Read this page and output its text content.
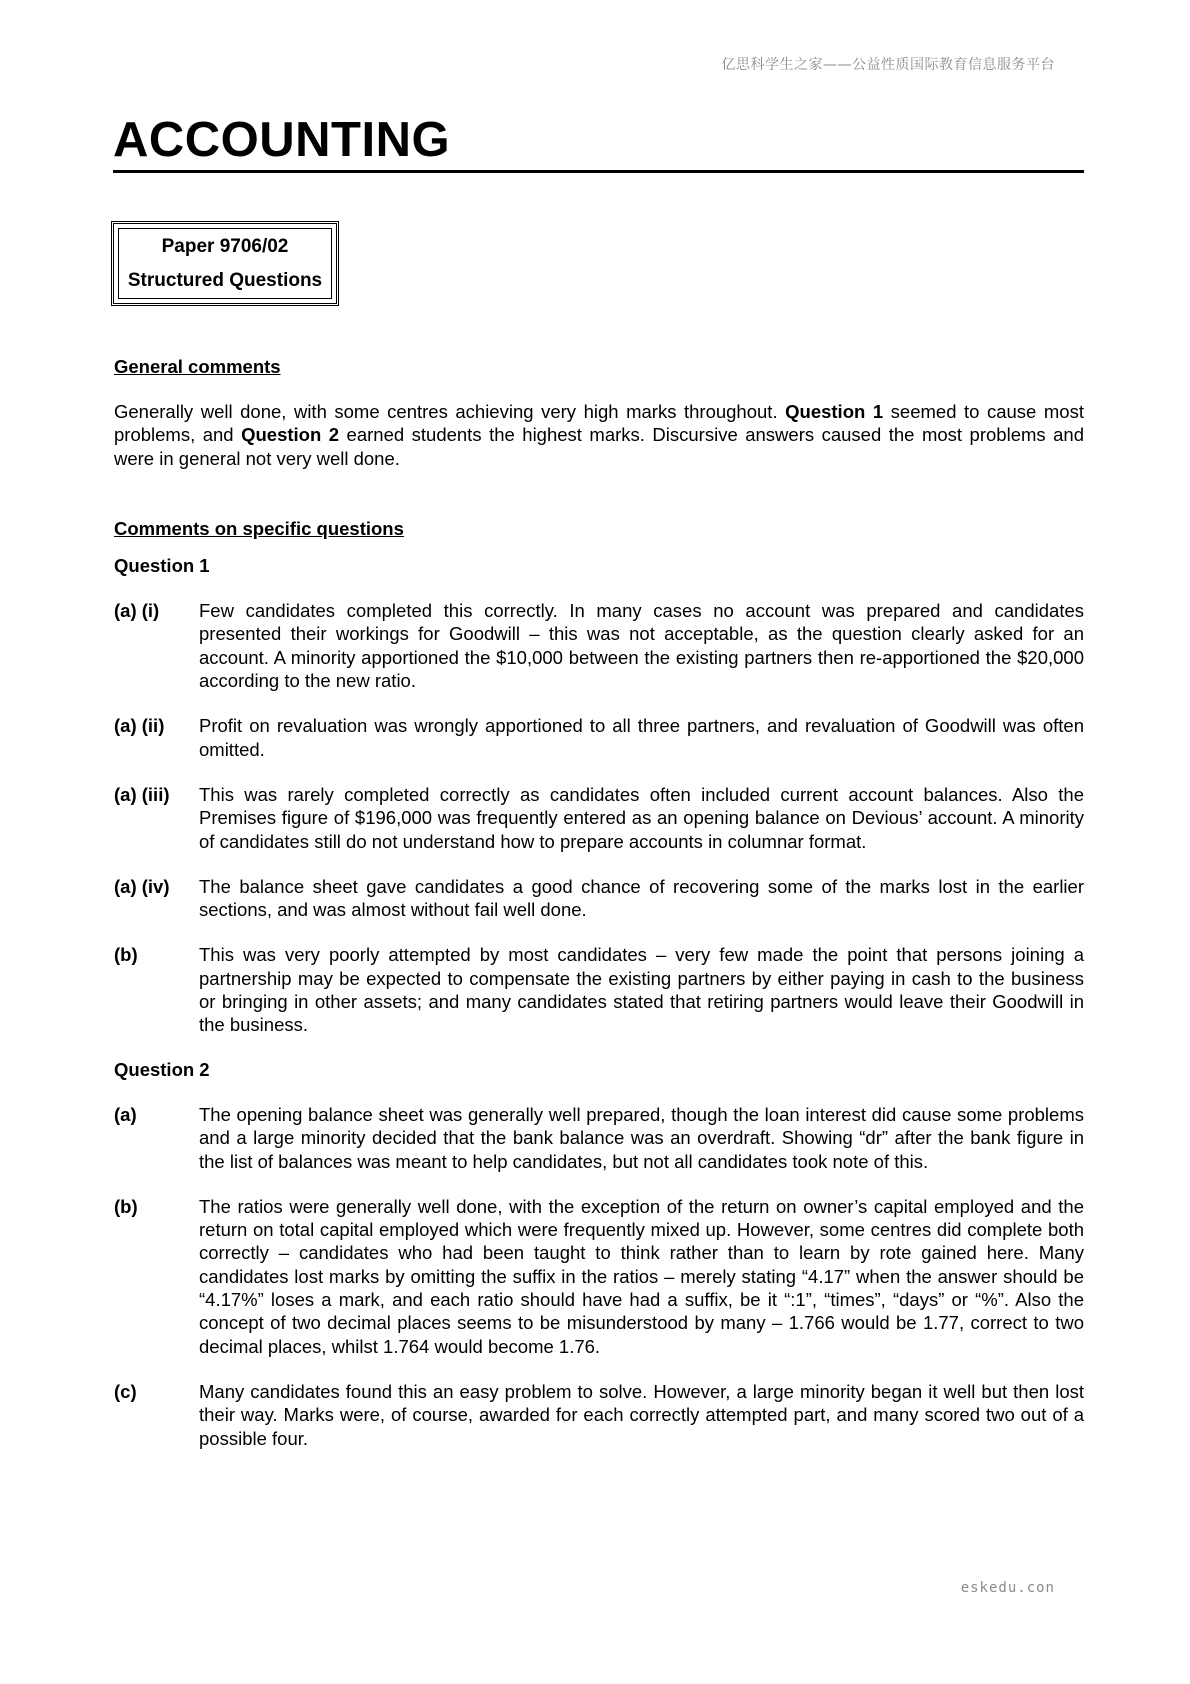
亿思科学生之家——公益性质国际教育信息服务平台
ACCOUNTING
Paper 9706/02
Structured Questions

General comments

Generally well done, with some centres achieving very high marks throughout. Question 1 seemed to cause most problems, and Question 2 earned students the highest marks. Discursive answers caused the most problems and were in general not very well done.

Comments on specific questions

Question 1

(a) (i)	Few candidates completed this correctly. In many cases no account was prepared and candidates presented their workings for Goodwill – this was not acceptable, as the question clearly asked for an account. A minority apportioned the $10,000 between the existing partners then re-apportioned the $20,000 according to the new ratio.
(a) (ii)	Profit on revaluation was wrongly apportioned to all three partners, and revaluation of Goodwill was often omitted.
(a) (iii)	This was rarely completed correctly as candidates often included current account balances. Also the Premises figure of $196,000 was frequently entered as an opening balance on Devious’ account. A minority of candidates still do not understand how to prepare accounts in columnar format.
(a) (iv)	The balance sheet gave candidates a good chance of recovering some of the marks lost in the earlier sections, and was almost without fail well done.
(b)	This was very poorly attempted by most candidates – very few made the point that persons joining a partnership may be expected to compensate the existing partners by either paying in cash to the business or bringing in other assets; and many candidates stated that retiring partners would leave their Goodwill in the business.

Question 2

(a)	The opening balance sheet was generally well prepared, though the loan interest did cause some problems and a large minority decided that the bank balance was an overdraft. Showing “dr” after the bank figure in the list of balances was meant to help candidates, but not all candidates took note of this.
(b)	The ratios were generally well done, with the exception of the return on owner’s capital employed and the return on total capital employed which were frequently mixed up. However, some centres did complete both correctly – candidates who had been taught to think rather than to learn by rote gained here. Many candidates lost marks by omitting the suffix in the ratios – merely stating “4.17” when the answer should be “4.17%” loses a mark, and each ratio should have had a suffix, be it “:1”, “times”, “days” or “%”. Also the concept of two decimal places seems to be misunderstood by many – 1.766 would be 1.77, correct to two decimal places, whilst 1.764 would become 1.76.
(c)	Many candidates found this an easy problem to solve. However, a large minority began it well but then lost their way. Marks were, of course, awarded for each correctly attempted part, and many scored two out of a possible four.
eskedu.con
